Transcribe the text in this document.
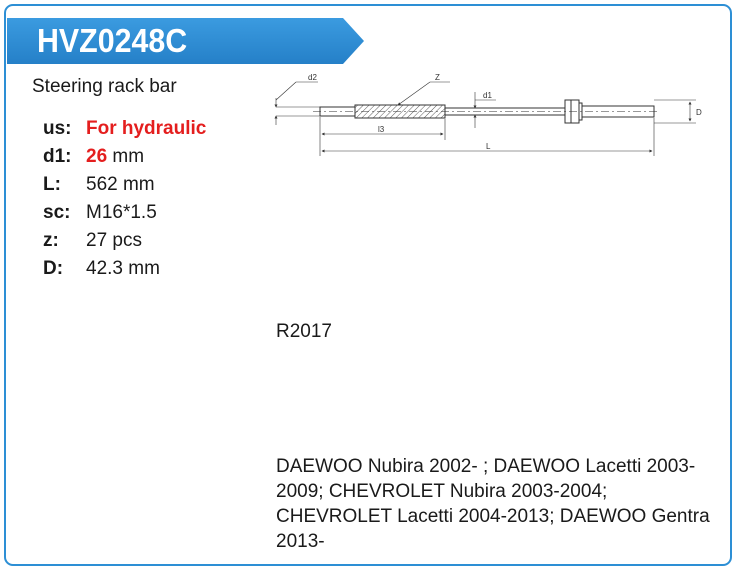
HVZ0248C
Steering rack bar
us: For hydraulic
d1: 26 mm
L: 562 mm
sc: M16*1.5
z: 27 pcs
D: 42.3 mm
d2	Z
d1
D
l3
L
R2017
DAEWOO Nubira 2002- ; DAEWOO Lacetti 2003-2009; CHEVROLET Nubira 2003-2004; CHEVROLET Lacetti 2004-2013; DAEWOO Gentra 2013-
